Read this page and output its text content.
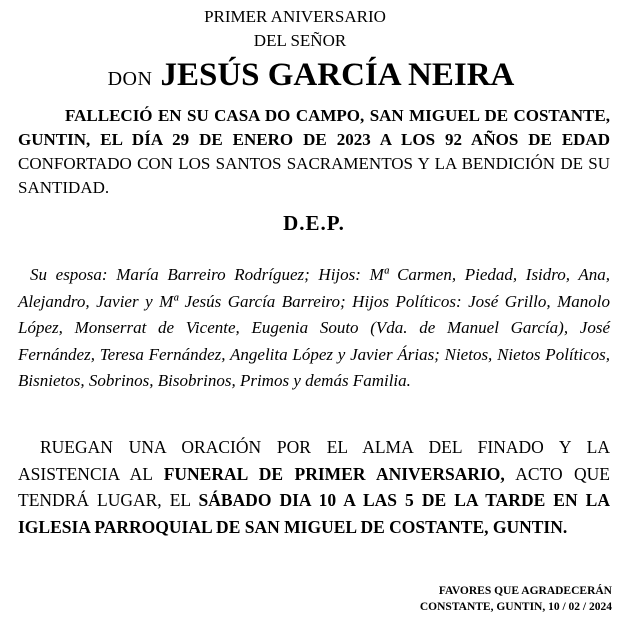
PRIMER ANIVERSARIO
DEL SEÑOR
DON JESÚS GARCÍA NEIRA
FALLECIÓ EN SU CASA DO CAMPO, SAN MIGUEL DE COSTANTE, GUNTIN, EL DÍA 29 DE ENERO DE 2023 A LOS 92 AÑOS DE EDAD CONFORTADO CON LOS SANTOS SACRAMENTOS Y LA BENDICIÓN DE SU SANTIDAD.
D.E.P.
Su esposa: María Barreiro Rodríguez; Hijos: Mª Carmen, Piedad, Isidro, Ana, Alejandro, Javier y Mª Jesús García Barreiro; Hijos Políticos: José Grillo, Manolo López, Monserrat de Vicente, Eugenia Souto (Vda. de Manuel García), José Fernández, Teresa Fernández, Angelita López y Javier Árias; Nietos, Nietos Políticos, Bisnietos, Sobrinos, Bisobrinos, Primos y demás Familia.
RUEGAN UNA ORACIÓN POR EL ALMA DEL FINADO Y LA ASISTENCIA AL FUNERAL DE PRIMER ANIVERSARIO, ACTO QUE TENDRÁ LUGAR, EL SÁBADO DIA 10 A LAS 5 DE LA TARDE EN LA IGLESIA PARROQUIAL DE SAN MIGUEL DE COSTANTE, GUNTIN.
FAVORES QUE AGRADECERÁN
CONSTANTE, GUNTIN, 10 / 02 / 2024
